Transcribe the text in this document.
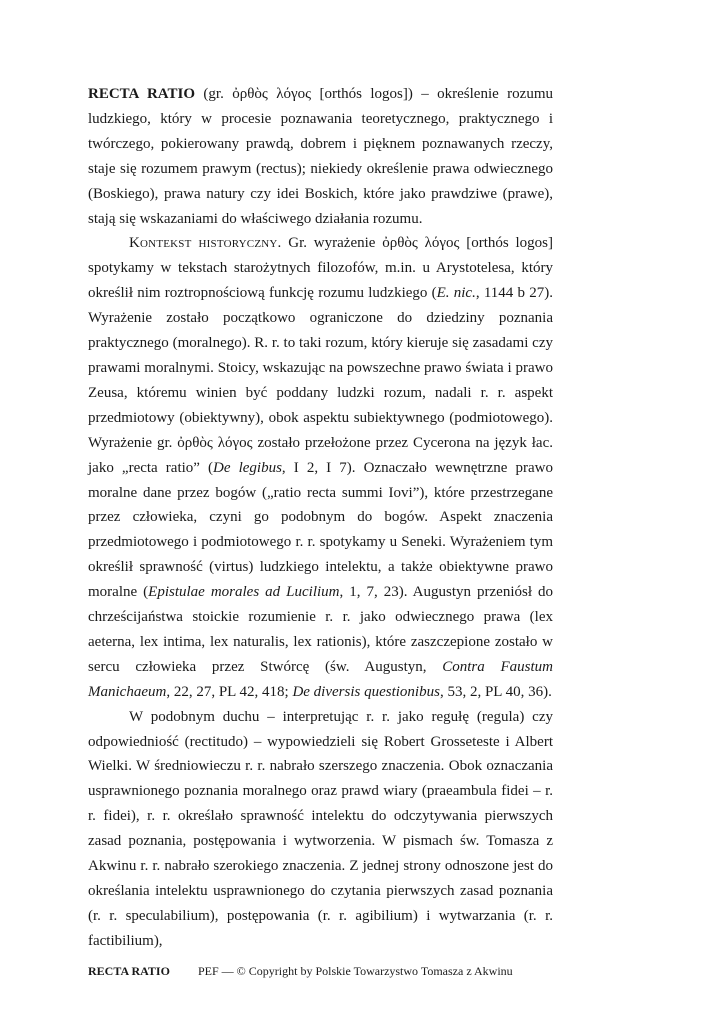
RECTA RATIO (gr. ὀρθὸς λόγος [orthós logos]) – określenie rozumu ludzkiego, który w procesie poznawania teoretycznego, praktycznego i twórczego, pokierowany prawdą, dobrem i pięknem poznawanych rzeczy, staje się rozumem prawym (rectus); niekiedy określenie prawa odwiecznego (Boskiego), prawa natury czy idei Boskich, które jako prawdziwe (prawe), stają się wskazaniami do właściwego działania rozumu.

Kontekst historyczny. Gr. wyrażenie ὀρθὸς λόγος [orthós logos] spotykamy w tekstach starożytnych filozofów, m.in. u Arystotelesa, który określił nim roztropnościową funkcję rozumu ludzkiego (E. nic., 1144 b 27). Wyrażenie zostało początkowo ograniczone do dziedziny poznania praktycznego (moralnego). R. r. to taki rozum, który kieruje się zasadami czy prawami moralnymi. Stoicy, wskazując na powszechne prawo świata i prawo Zeusa, któremu winien być poddany ludzki rozum, nadali r. r. aspekt przedmiotowy (obiektywny), obok aspektu subiektywnego (podmiotowego). Wyrażenie gr. ὀρθὸς λόγος zostało przełożone przez Cycerona na język łac. jako „recta ratio” (De legibus, I 2, I 7). Oznaczało wewnętrzne prawo moralne dane przez bogów („ratio recta summi Iovi”), które przestrzegane przez człowieka, czyni go podobnym do bogów. Aspekt znaczenia przedmiotowego i podmiotowego r. r. spotykamy u Seneki. Wyrażeniem tym określił sprawność (virtus) ludzkiego intelektu, a także obiektywne prawo moralne (Epistulae morales ad Lucilium, 1, 7, 23). Augustyn przeniósł do chrześcijaństwa stoickie rozumienie r. r. jako odwiecznego prawa (lex aeterna, lex intima, lex naturalis, lex rationis), które zaszczepione zostało w sercu człowieka przez Stwórcę (św. Augustyn, Contra Faustum Manichaeum, 22, 27, PL 42, 418; De diversis questionibus, 53, 2, PL 40, 36).

W podobnym duchu – interpretując r. r. jako regułę (regula) czy odpowiedniość (rectitudo) – wypowiedzieli się Robert Grosseteste i Albert Wielki. W średniowieczu r. r. nabrało szerszego znaczenia. Obok oznaczania usprawnionego poznania moralnego oraz prawd wiary (praeambula fidei – r. r. fidei), r. r. określało sprawność intelektu do odczytywania pierwszych zasad poznania, postępowania i wytworzenia. W pismach św. Tomasza z Akwinu r. r. nabrało szerokiego znaczenia. Z jednej strony odnoszone jest do określania intelektu usprawnionego do czytania pierwszych zasad poznania (r. r. speculabilium), postępowania (r. r. agibilium) i wytwarzania (r. r. factibilium),

RECTA RATIO PEF — © Copyright by Polskie Towarzystwo Tomasza z Akwinu
